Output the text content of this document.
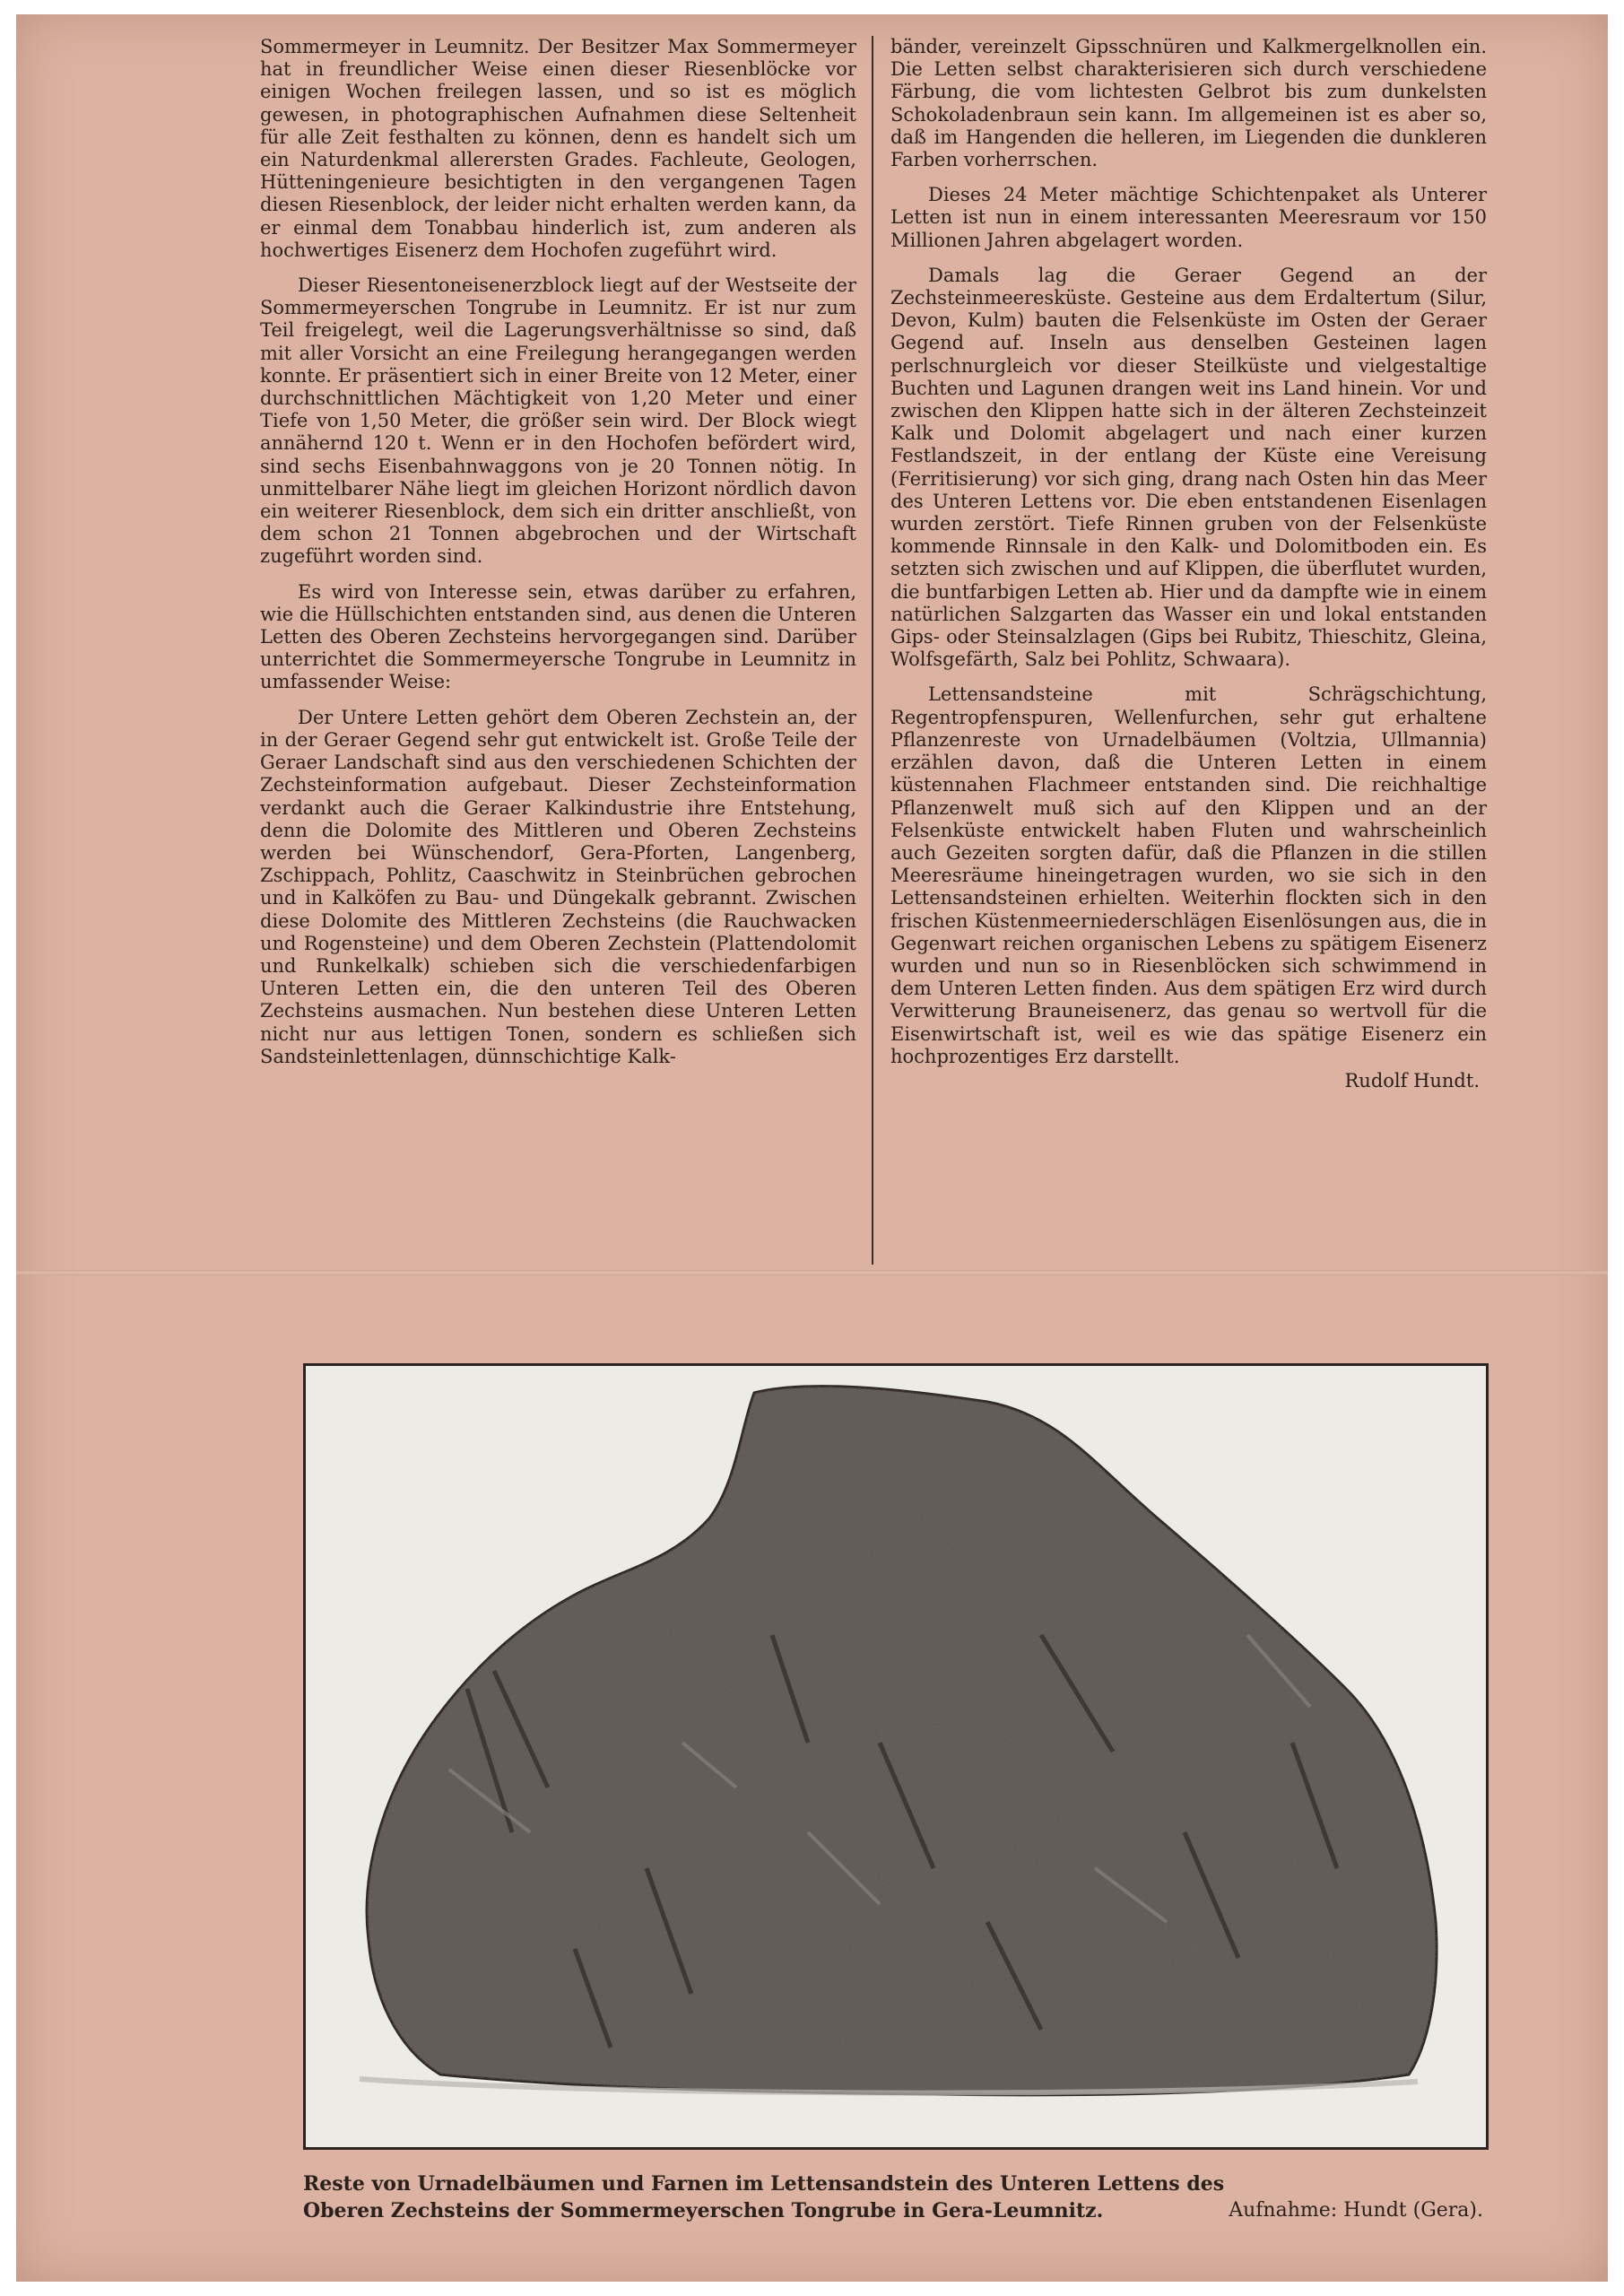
Sommermeyer in Leumnitz. Der Besitzer Max Sommermeyer hat in freundlicher Weise einen dieser Riesenblöcke vor einigen Wochen freilegen lassen, und so ist es möglich gewesen, in photographischen Aufnahmen diese Seltenheit für alle Zeit festhalten zu können, denn es handelt sich um ein Naturdenkmal allerersten Grades. Fachleute, Geologen, Hütteningenieure besichtigten in den vergangenen Tagen diesen Riesenblock, der leider nicht erhalten werden kann, da er einmal dem Tonabbau hinderlich ist, zum anderen als hochwertiges Eisenerz dem Hochofen zugeführt wird.

Dieser Riesentoneisenerzblock liegt auf der Westseite der Sommermeyerschen Tongrube in Leumnitz. Er ist nur zum Teil freigelegt, weil die Lagerungsverhältnisse so sind, daß mit aller Vorsicht an eine Freilegung herangegangen werden konnte. Er präsentiert sich in einer Breite von 12 Meter, einer durchschnittlichen Mächtigkeit von 1,20 Meter und einer Tiefe von 1,50 Meter, die größer sein wird. Der Block wiegt annähernd 120 t. Wenn er in den Hochofen befördert wird, sind sechs Eisenbahnwaggons von je 20 Tonnen nötig. In unmittelbarer Nähe liegt im gleichen Horizont nördlich davon ein weiterer Riesenblock, dem sich ein dritter anschließt, von dem schon 21 Tonnen abgebrochen und der Wirtschaft zugeführt worden sind.

Es wird von Interesse sein, etwas darüber zu erfahren, wie die Hüllschichten entstanden sind, aus denen die Unteren Letten des Oberen Zechsteins hervorgegangen sind. Darüber unterrichtet die Sommermeyersche Tongrube in Leumnitz in umfassender Weise:

Der Untere Letten gehört dem Oberen Zechstein an, der in der Geraer Gegend sehr gut entwickelt ist. Große Teile der Geraer Landschaft sind aus den verschiedenen Schichten der Zechsteinformation aufgebaut. Dieser Zechsteinformation verdankt auch die Geraer Kalkindustrie ihre Entstehung, denn die Dolomite des Mittleren und Oberen Zechsteins werden bei Wünschendorf, Gera-Pforten, Langenberg, Zschippach, Pohlitz, Caaschwitz in Steinbrüchen gebrochen und in Kalköfen zu Bau- und Düngekalk gebrannt. Zwischen diese Dolomite des Mittleren Zechsteins (die Rauchwacken und Rogensteine) und dem Oberen Zechstein (Plattendolomit und Runkelkalk) schieben sich die verschiedenfarbigen Unteren Letten ein, die den unteren Teil des Oberen Zechsteins ausmachen. Nun bestehen diese Unteren Letten nicht nur aus lettigen Tonen, sondern es schließen sich Sandsteinlettenlagen, dünnschichtige Kalk-

bänder, vereinzelt Gipsschnüren und Kalkmergelknollen ein. Die Letten selbst charakterisieren sich durch verschiedene Färbung, die vom lichtesten Gelbrot bis zum dunkelsten Schokoladenbraun sein kann. Im allgemeinen ist es aber so, daß im Hangenden die helleren, im Liegenden die dunkleren Farben vorherrschen.

Dieses 24 Meter mächtige Schichtenpaket als Unterer Letten ist nun in einem interessanten Meeresraum vor 150 Millionen Jahren abgelagert worden.

Damals lag die Geraer Gegend an der Zechsteinmeeresküste. Gesteine aus dem Erdaltertum (Silur, Devon, Kulm) bauten die Felsenküste im Osten der Geraer Gegend auf. Inseln aus denselben Gesteinen lagen perlschnurgleich vor dieser Steilküste und vielgestaltige Buchten und Lagunen drangen weit ins Land hinein. Vor und zwischen den Klippen hatte sich in der älteren Zechsteinzeit Kalk und Dolomit abgelagert und nach einer kurzen Festlandszeit, in der entlang der Küste eine Vereisung (Ferritisierung) vor sich ging, drang nach Osten hin das Meer des Unteren Lettens vor. Die eben entstandenen Eisenlagen wurden zerstört. Tiefe Rinnen gruben von der Felsenküste kommende Rinnsale in den Kalk- und Dolomitboden ein. Es setzten sich zwischen und auf Klippen, die überflutet wurden, die buntfarbigen Letten ab. Hier und da dampfte wie in einem natürlichen Salzgarten das Wasser ein und lokal entstanden Gips- oder Steinsalzlagen (Gips bei Rubitz, Thieschitz, Gleina, Wolfsgefärth, Salz bei Pohlitz, Schwaara).

Lettensandsteine mit Schrägschichtung, Regentropfenspuren, Wellenfurchen, sehr gut erhaltene Pflanzenreste von Urnadelbäumen (Voltzia, Ullmannia) erzählen davon, daß die Unteren Letten in einem küstennahen Flachmeer entstanden sind. Die reichhaltige Pflanzenwelt muß sich auf den Klippen und an der Felsenküste entwickelt haben Fluten und wahrscheinlich auch Gezeiten sorgten dafür, daß die Pflanzen in die stillen Meeresräume hineingetragen wurden, wo sie sich in den Lettensandsteinen erhielten. Weiterhin flockten sich in den frischen Küstenmeerniederschlägen Eisenlösungen aus, die in Gegenwart reichen organischen Lebens zu spätigem Eisenerz wurden und nun so in Riesenblöcken sich schwimmend in dem Unteren Letten finden. Aus dem spätigen Erz wird durch Verwitterung Brauneisenerz, das genau so wertvoll für die Eisenwirtschaft ist, weil es wie das spätige Eisenerz ein hochprozentiges Erz darstellt.

Rudolf Hundt.
Reste von Urnadelbäumen und Farnen im Lettensandstein des Unteren Lettens des Oberen Zechsteins der Sommermeyerschen Tongrube in Gera-Leumnitz.	Aufnahme: Hundt (Gera).
